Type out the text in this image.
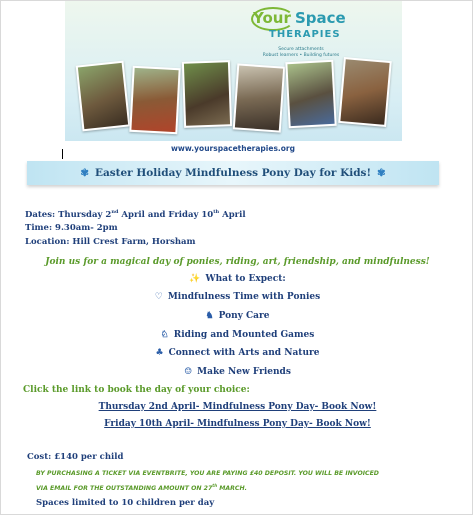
Your Space
THERAPIES
Secure attachments
Robust learners • Building futures
www.yourspacetherapies.org
✾ Easter Holiday Mindfulness Pony Day for Kids! ✾
Dates: Thursday 2nd April and Friday 10th April
Time: 9.30am- 2pm
Location: Hill Crest Farm, Horsham
Join us for a magical day of ponies, riding, art, friendship, and mindfulness!
✨ What to Expect:
♡ Mindfulness Time with Ponies
♞ Pony Care
♘ Riding and Mounted Games
♣ Connect with Arts and Nature
☺ Make New Friends
Click the link to book the day of your choice:
Thursday 2nd April- Mindfulness Pony Day- Book Now!
Friday 10th April- Mindfulness Pony Day- Book Now!
Cost: £140 per child
BY PURCHASING A TICKET VIA EVENTBRITE, YOU ARE PAYING £40 DEPOSIT. YOU WILL BE INVOICED
VIA EMAIL FOR THE OUTSTANDING AMOUNT ON 27th MARCH.
Spaces limited to 10 children per day
